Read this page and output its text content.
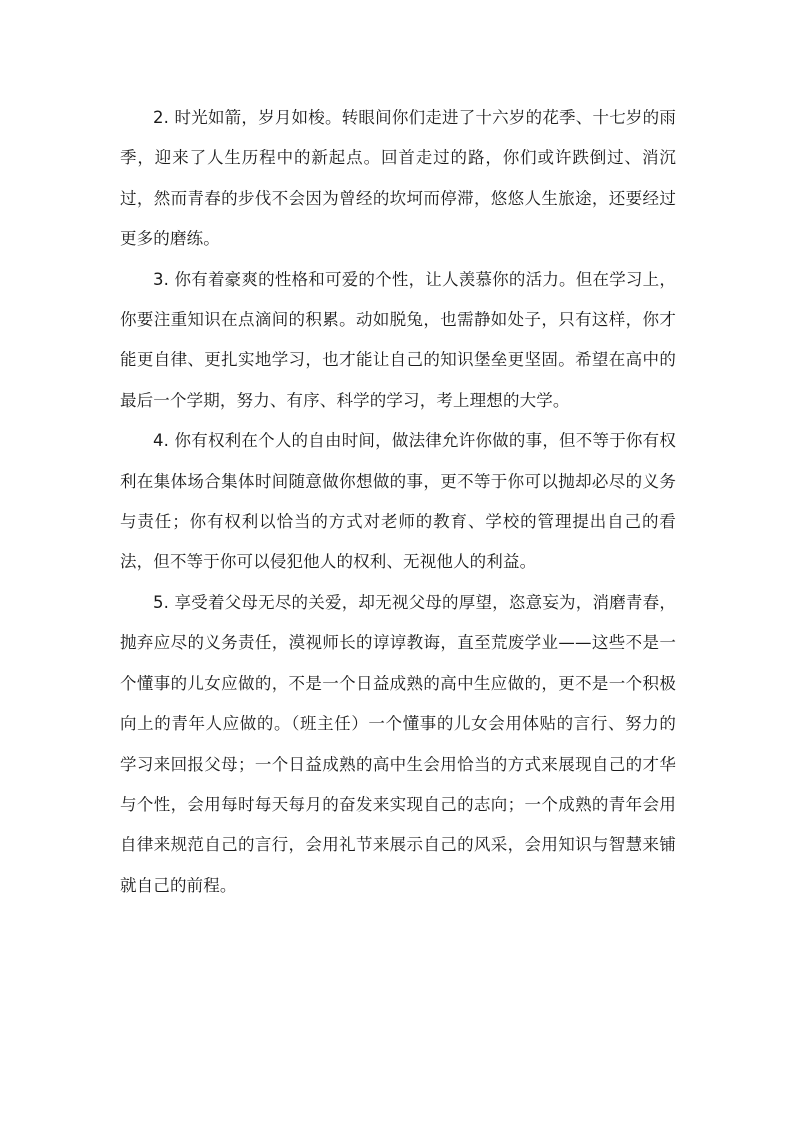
2. 时光如箭，岁月如梭。转眼间你们走进了十六岁的花季、十七岁的雨季，迎来了人生历程中的新起点。回首走过的路，你们或许跌倒过、消沉过，然而青春的步伐不会因为曾经的坎坷而停滞，悠悠人生旅途，还要经过更多的磨练。

3. 你有着豪爽的性格和可爱的个性，让人羡慕你的活力。但在学习上，你要注重知识在点滴间的积累。动如脱兔，也需静如处子，只有这样，你才能更自律、更扎实地学习，也才能让自己的知识堡垒更坚固。希望在高中的最后一个学期，努力、有序、科学的学习，考上理想的大学。

4. 你有权利在个人的自由时间，做法律允许你做的事，但不等于你有权利在集体场合集体时间随意做你想做的事，更不等于你可以抛却必尽的义务与责任；你有权利以恰当的方式对老师的教育、学校的管理提出自己的看法，但不等于你可以侵犯他人的权利、无视他人的利益。

5. 享受着父母无尽的关爱，却无视父母的厚望，恣意妄为，消磨青春，抛弃应尽的义务责任，漠视师长的谆谆教诲，直至荒废学业——这些不是一个懂事的儿女应做的，不是一个日益成熟的高中生应做的，更不是一个积极向上的青年人应做的。（班主任）一个懂事的儿女会用体贴的言行、努力的学习来回报父母；一个日益成熟的高中生会用恰当的方式来展现自己的才华与个性，会用每时每天每月的奋发来实现自己的志向；一个成熟的青年会用自律来规范自己的言行，会用礼节来展示自己的风采，会用知识与智慧来铺就自己的前程。
